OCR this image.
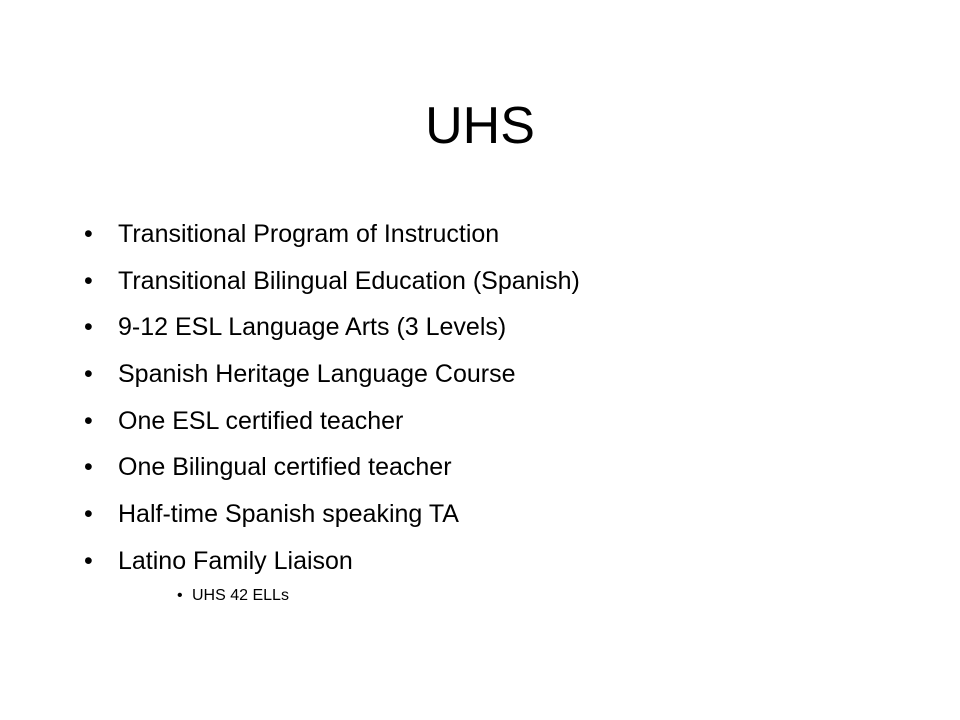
UHS
• Transitional Program of Instruction
• Transitional Bilingual Education (Spanish)
• 9-12 ESL Language Arts (3 Levels)
• Spanish Heritage Language Course
• One ESL certified teacher
• One Bilingual certified teacher
• Half-time Spanish speaking TA
• Latino Family Liaison
• UHS 42 ELLs
